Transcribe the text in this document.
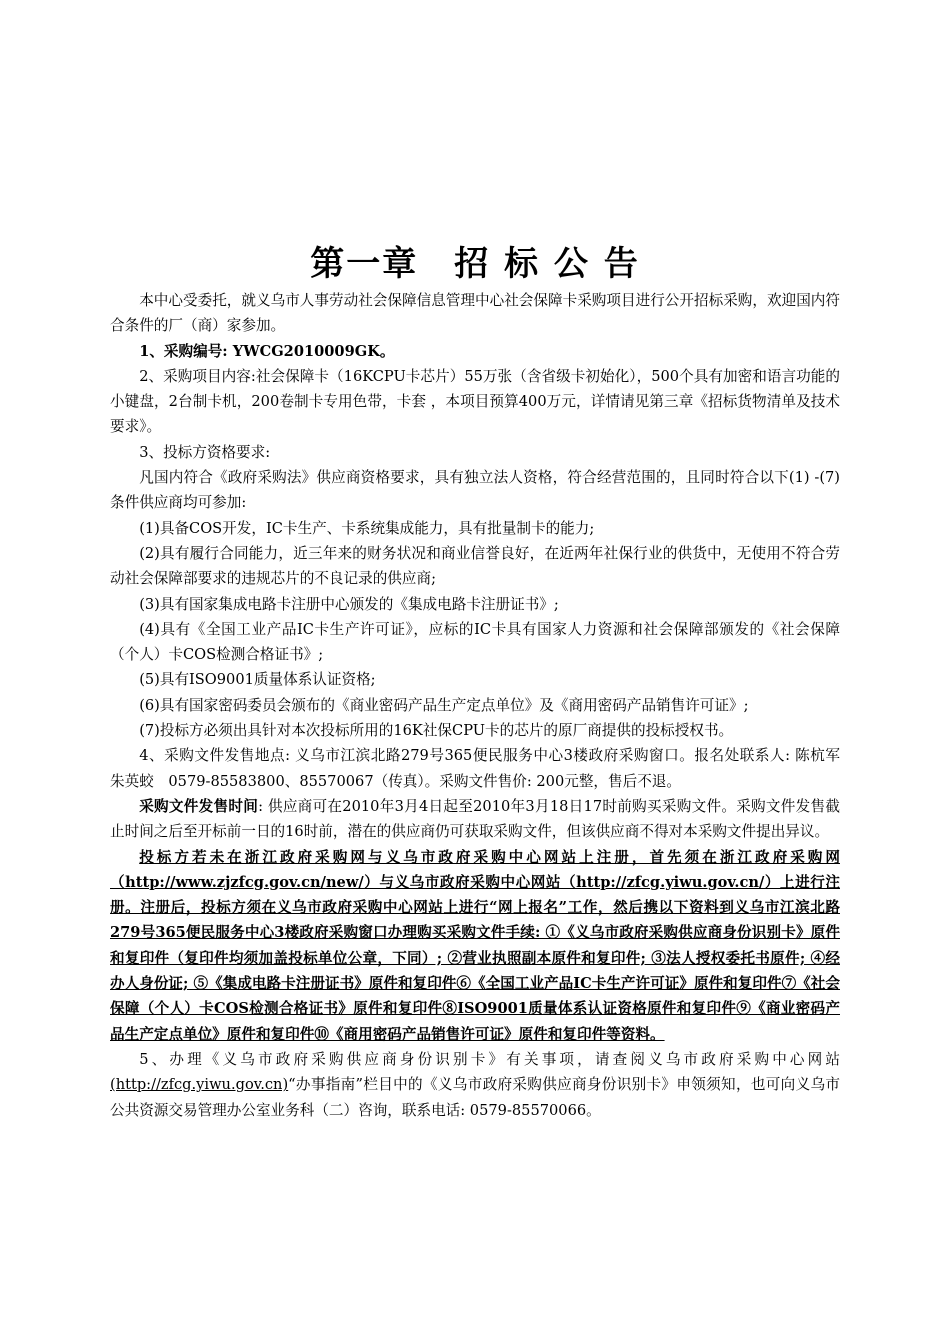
第一章　招 标 公 告

本中心受委托，就义乌市人事劳动社会保障信息管理中心社会保障卡采购项目进行公开招标采购，欢迎国内符合条件的厂（商）家参加。

1、采购编号: YWCG2010009GK。

2、采购项目内容:社会保障卡（16KCPU卡芯片）55万张（含省级卡初始化），500个具有加密和语言功能的小键盘，2台制卡机，200卷制卡专用色带，卡套 ，本项目预算400万元，详情请见第三章《招标货物清单及技术要求》。

3、投标方资格要求:

凡国内符合《政府采购法》供应商资格要求，具有独立法人资格，符合经营范围的，且同时符合以下(1) -(7)条件供应商均可参加:

(1)具备COS开发，IC卡生产、卡系统集成能力，具有批量制卡的能力;

(2)具有履行合同能力，近三年来的财务状况和商业信誉良好，在近两年社保行业的供货中，无使用不符合劳动社会保障部要求的违规芯片的不良记录的供应商;

(3)具有国家集成电路卡注册中心颁发的《集成电路卡注册证书》;

(4)具有《全国工业产品IC卡生产许可证》，应标的IC卡具有国家人力资源和社会保障部颁发的《社会保障（个人）卡COS检测合格证书》;

(5)具有ISO9001质量体系认证资格;

(6)具有国家密码委员会颁布的《商业密码产品生产定点单位》及《商用密码产品销售许可证》;

(7)投标方必须出具针对本次投标所用的16K社保CPU卡的芯片的原厂商提供的投标授权书。

4、采购文件发售地点: 义乌市江滨北路279号365便民服务中心3楼政府采购窗口。报名处联系人: 陈杭军　朱英蛟　0579-85583800、85570067（传真）。采购文件售价: 200元整，售后不退。

采购文件发售时间: 供应商可在2010年3月4日起至2010年3月18日17时前购买采购文件。采购文件发售截止时间之后至开标前一日的16时前，潜在的供应商仍可获取采购文件，但该供应商不得对本采购文件提出异议。

投标方若未在浙江政府采购网与义乌市政府采购中心网站上注册，首先须在浙江政府采购网（http://www.zjzfcg.gov.cn/new/）与义乌市政府采购中心网站（http://zfcg.yiwu.gov.cn/）上进行注册。注册后，投标方须在义乌市政府采购中心网站上进行“网上报名”工作，然后携以下资料到义乌市江滨北路279号365便民服务中心3楼政府采购窗口办理购买采购文件手续: ①《义乌市政府采购供应商身份识别卡》原件和复印件（复印件均须加盖投标单位公章，下同）; ②营业执照副本原件和复印件; ③法人授权委托书原件; ④经办人身份证; ⑤《集成电路卡注册证书》原件和复印件⑥《全国工业产品IC卡生产许可证》原件和复印件⑦《社会保障（个人）卡COS检测合格证书》原件和复印件⑧ISO9001质量体系认证资格原件和复印件⑨《商业密码产品生产定点单位》原件和复印件⑩《商用密码产品销售许可证》原件和复印件等资料。

5、办理《义乌市政府采购供应商身份识别卡》有关事项，请查阅义乌市政府采购中心网站(http://zfcg.yiwu.gov.cn)“办事指南”栏目中的《义乌市政府采购供应商身份识别卡》申领须知，也可向义乌市公共资源交易管理办公室业务科（二）咨询，联系电话: 0579-85570066。
